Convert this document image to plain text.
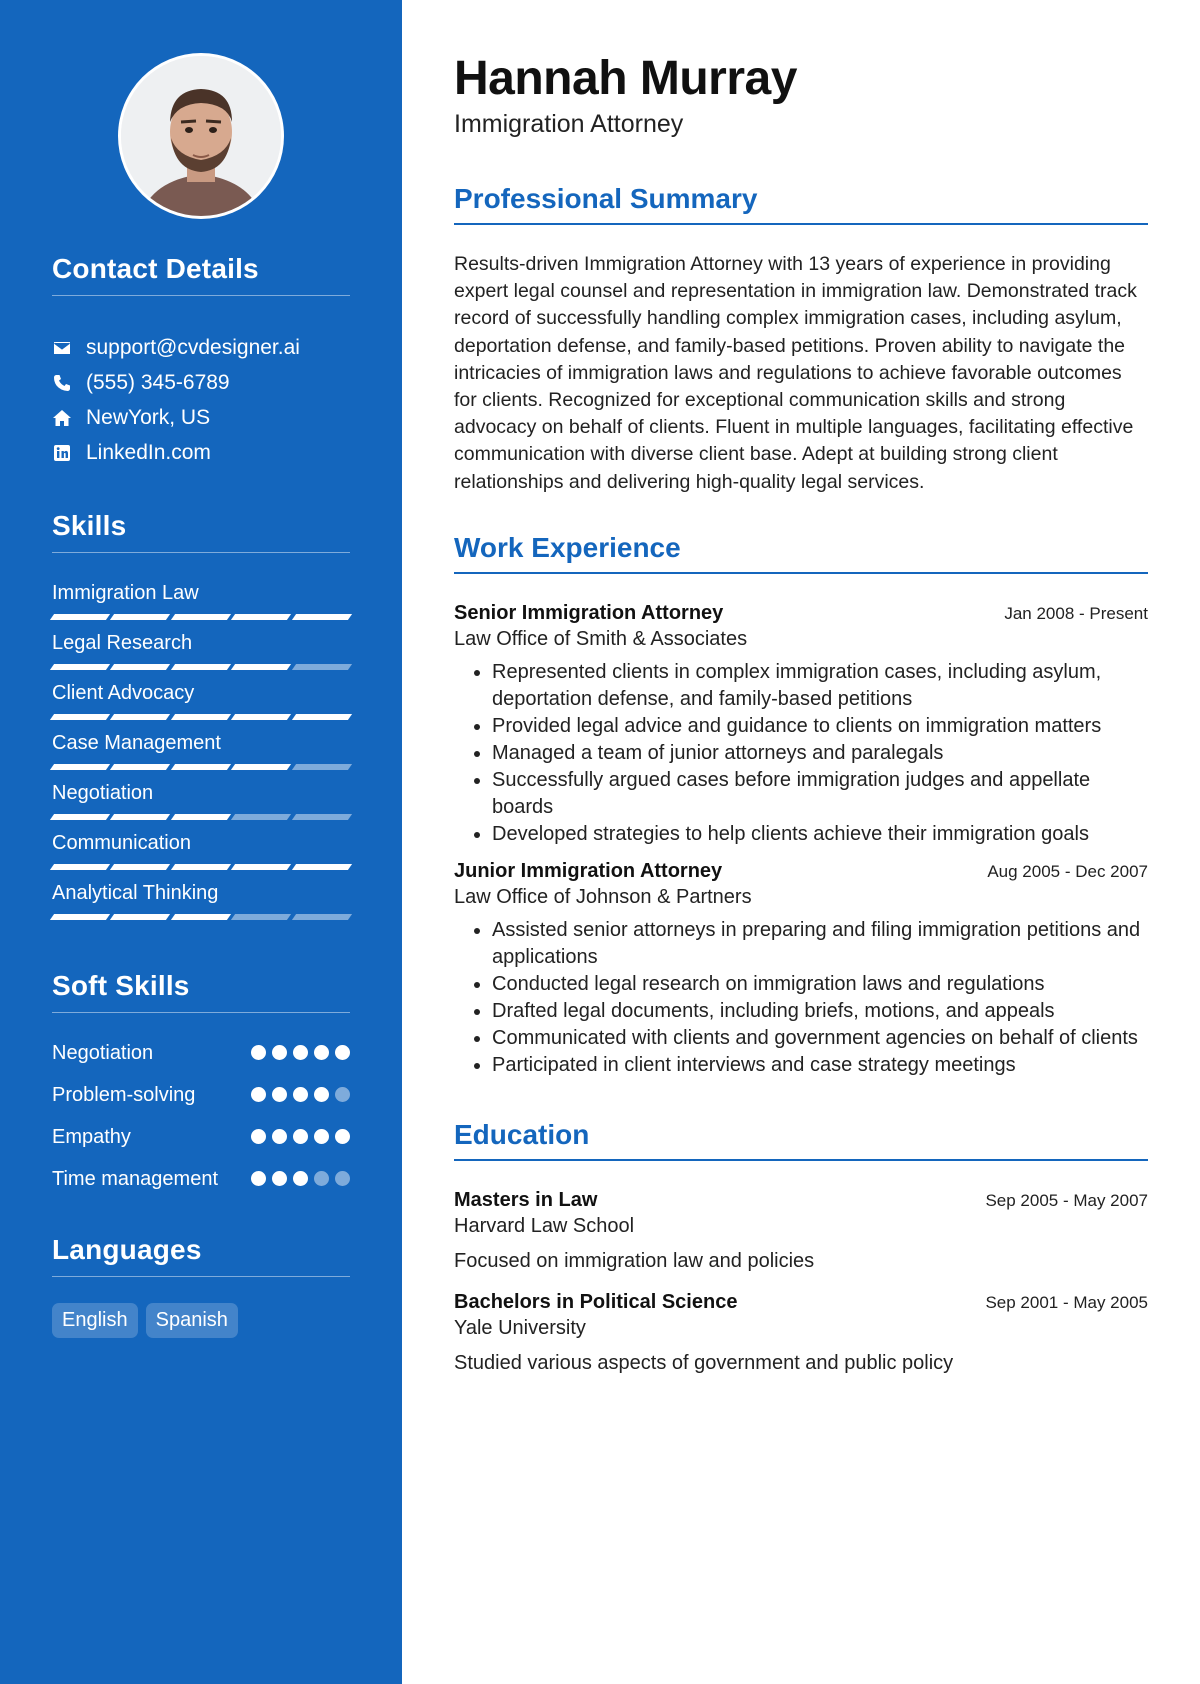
Contact Details
support@cvdesigner.ai
(555) 345-6789
NewYork, US
LinkedIn.com
Skills
Immigration Law
Legal Research
Client Advocacy
Case Management
Negotiation
Communication
Analytical Thinking
Soft Skills
Negotiation
Problem-solving
Empathy
Time management
Languages
English	Spanish
Hannah Murray
Immigration Attorney
Professional Summary

Results-driven Immigration Attorney with 13 years of experience in providing expert legal counsel and representation in immigration law. Demonstrated track record of successfully handling complex immigration cases, including asylum, deportation defense, and family-based petitions. Proven ability to navigate the intricacies of immigration laws and regulations to achieve favorable outcomes for clients. Recognized for exceptional communication skills and strong advocacy on behalf of clients. Fluent in multiple languages, facilitating effective communication with diverse client base. Adept at building strong client relationships and delivering high-quality legal services.

Work Experience
Senior Immigration Attorney	Jan 2008 - Present
Law Office of Smith & Associates
• Represented clients in complex immigration cases, including asylum, deportation defense, and family-based petitions
• Provided legal advice and guidance to clients on immigration matters
• Managed a team of junior attorneys and paralegals
• Successfully argued cases before immigration judges and appellate boards
• Developed strategies to help clients achieve their immigration goals
Junior Immigration Attorney	Aug 2005 - Dec 2007
Law Office of Johnson & Partners
• Assisted senior attorneys in preparing and filing immigration petitions and applications
• Conducted legal research on immigration laws and regulations
• Drafted legal documents, including briefs, motions, and appeals
• Communicated with clients and government agencies on behalf of clients
• Participated in client interviews and case strategy meetings
Education
Masters in Law	Sep 2005 - May 2007
Harvard Law School
Focused on immigration law and policies
Bachelors in Political Science	Sep 2001 - May 2005
Yale University
Studied various aspects of government and public policy
